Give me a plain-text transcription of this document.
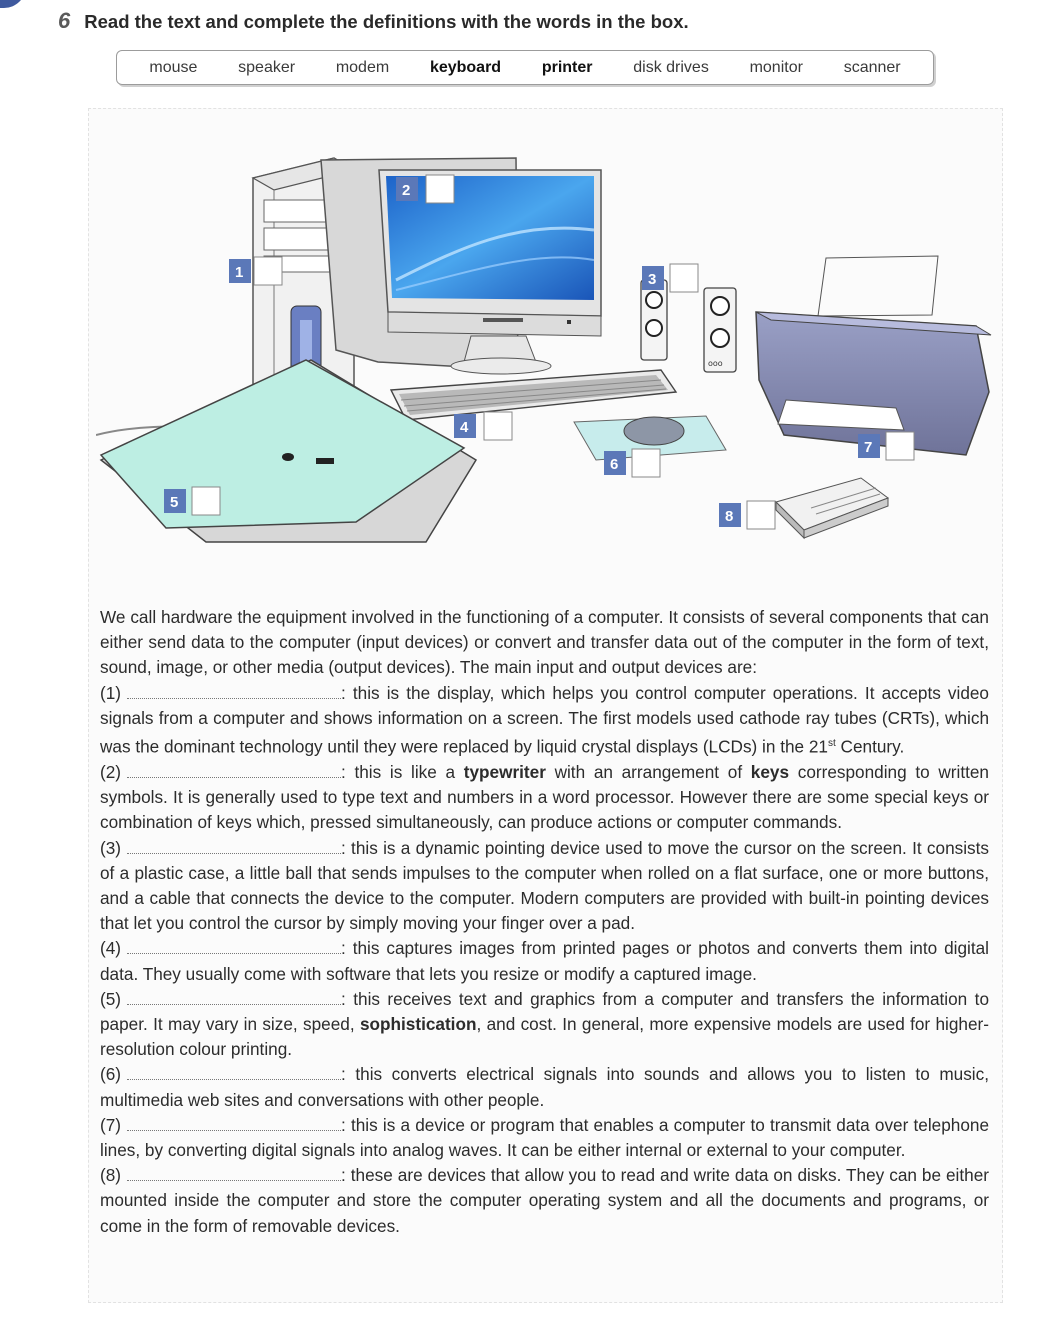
6 Read the text and complete the definitions with the words in the box.
mouse	speaker	modem	keyboard	printer	disk drives	monitor	scanner
ooo
1
2
3
4
5
6
7
8

We call hardware the equipment involved in the functioning of a computer. It consists of several components that can either send data to the computer (input devices) or convert and transfer data out of the computer in the form of text, sound, image, or other media (output devices). The main input and output devices are:

(1)	: this is the display, which helps you control computer operations. It accepts video signals from a computer and shows information on a screen. The first models used cathode ray tubes (CRTs), which was the dominant technology until they were replaced by liquid crystal displays (LCDs) in the 21st Century.

(2)	: this is like a typewriter with an arrangement of keys corresponding to written symbols. It is generally used to type text and numbers in a word processor. However there are some special keys or combination of keys which, pressed simultaneously, can produce actions or computer commands.

(3)	: this is a dynamic pointing device used to move the cursor on the screen. It consists of a plastic case, a little ball that sends impulses to the computer when rolled on a flat surface, one or more buttons, and a cable that connects the device to the computer. Modern computers are provided with built-in pointing devices that let you control the cursor by simply moving your finger over a pad.

(4)	: this captures images from printed pages or photos and converts them into digital data. They usually come with software that lets you resize or modify a captured image.

(5)	: this receives text and graphics from a computer and transfers the information to paper. It may vary in size, speed, sophistication, and cost. In general, more expensive models are used for higher-resolution colour printing.

(6)	: this converts electrical signals into sounds and allows you to listen to music, multimedia web sites and conversations with other people.

(7)	: this is a device or program that enables a computer to transmit data over telephone lines, by converting digital signals into analog waves. It can be either internal or external to your computer.

(8)	: these are devices that allow you to read and write data on disks. They can be either mounted inside the computer and store the computer operating system and all the documents and programs, or come in the form of removable devices.
